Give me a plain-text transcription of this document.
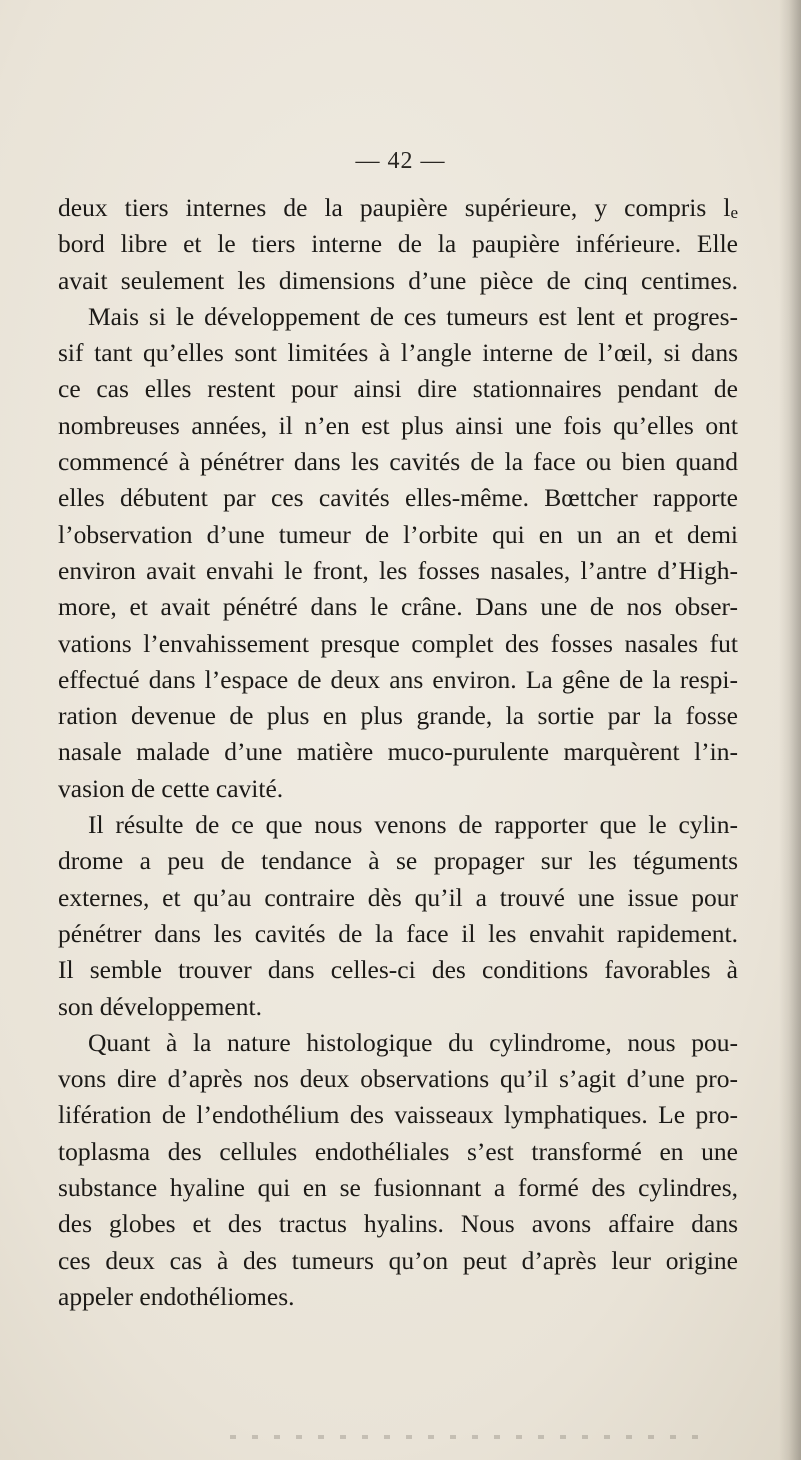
— 42 —
deux tiers internes de la paupière supérieure, y compris $l_e$
bord libre et le tiers interne de la paupière inférieure. Elle
avait seulement les dimensions d’une pièce de cinq centimes.
Mais si le développement de ces tumeurs est lent et progres-
sif tant qu’elles sont limitées à l’angle interne de l’œil, si dans
ce cas elles restent pour ainsi dire stationnaires pendant de
nombreuses années, il n’en est plus ainsi une fois qu’elles ont
commencé à pénétrer dans les cavités de la face ou bien quand
elles débutent par ces cavités elles-même. Bœttcher rapporte
l’observation d’une tumeur de l’orbite qui en un an et demi
environ avait envahi le front, les fosses nasales, l’antre d’High-
more, et avait pénétré dans le crâne. Dans une de nos obser-
vations l’envahissement presque complet des fosses nasales fut
effectué dans l’espace de deux ans environ. La gêne de la respi-
ration devenue de plus en plus grande, la sortie par la fosse
nasale malade d’une matière muco-purulente marquèrent l’in-
vasion de cette cavité.
Il résulte de ce que nous venons de rapporter que le cylin-
drome a peu de tendance à se propager sur les téguments
externes, et qu’au contraire dès qu’il a trouvé une issue pour
pénétrer dans les cavités de la face il les envahit rapidement.
Il semble trouver dans celles-ci des conditions favorables à
son développement.
Quant à la nature histologique du cylindrome, nous pou-
vons dire d’après nos deux observations qu’il s’agit d’une pro-
lifération de l’endothélium des vaisseaux lymphatiques. Le pro-
toplasma des cellules endothéliales s’est transformé en une
substance hyaline qui en se fusionnant a formé des cylindres,
des globes et des tractus hyalins. Nous avons affaire dans
ces deux cas à des tumeurs qu’on peut d’après leur origine
appeler endothéliomes.
